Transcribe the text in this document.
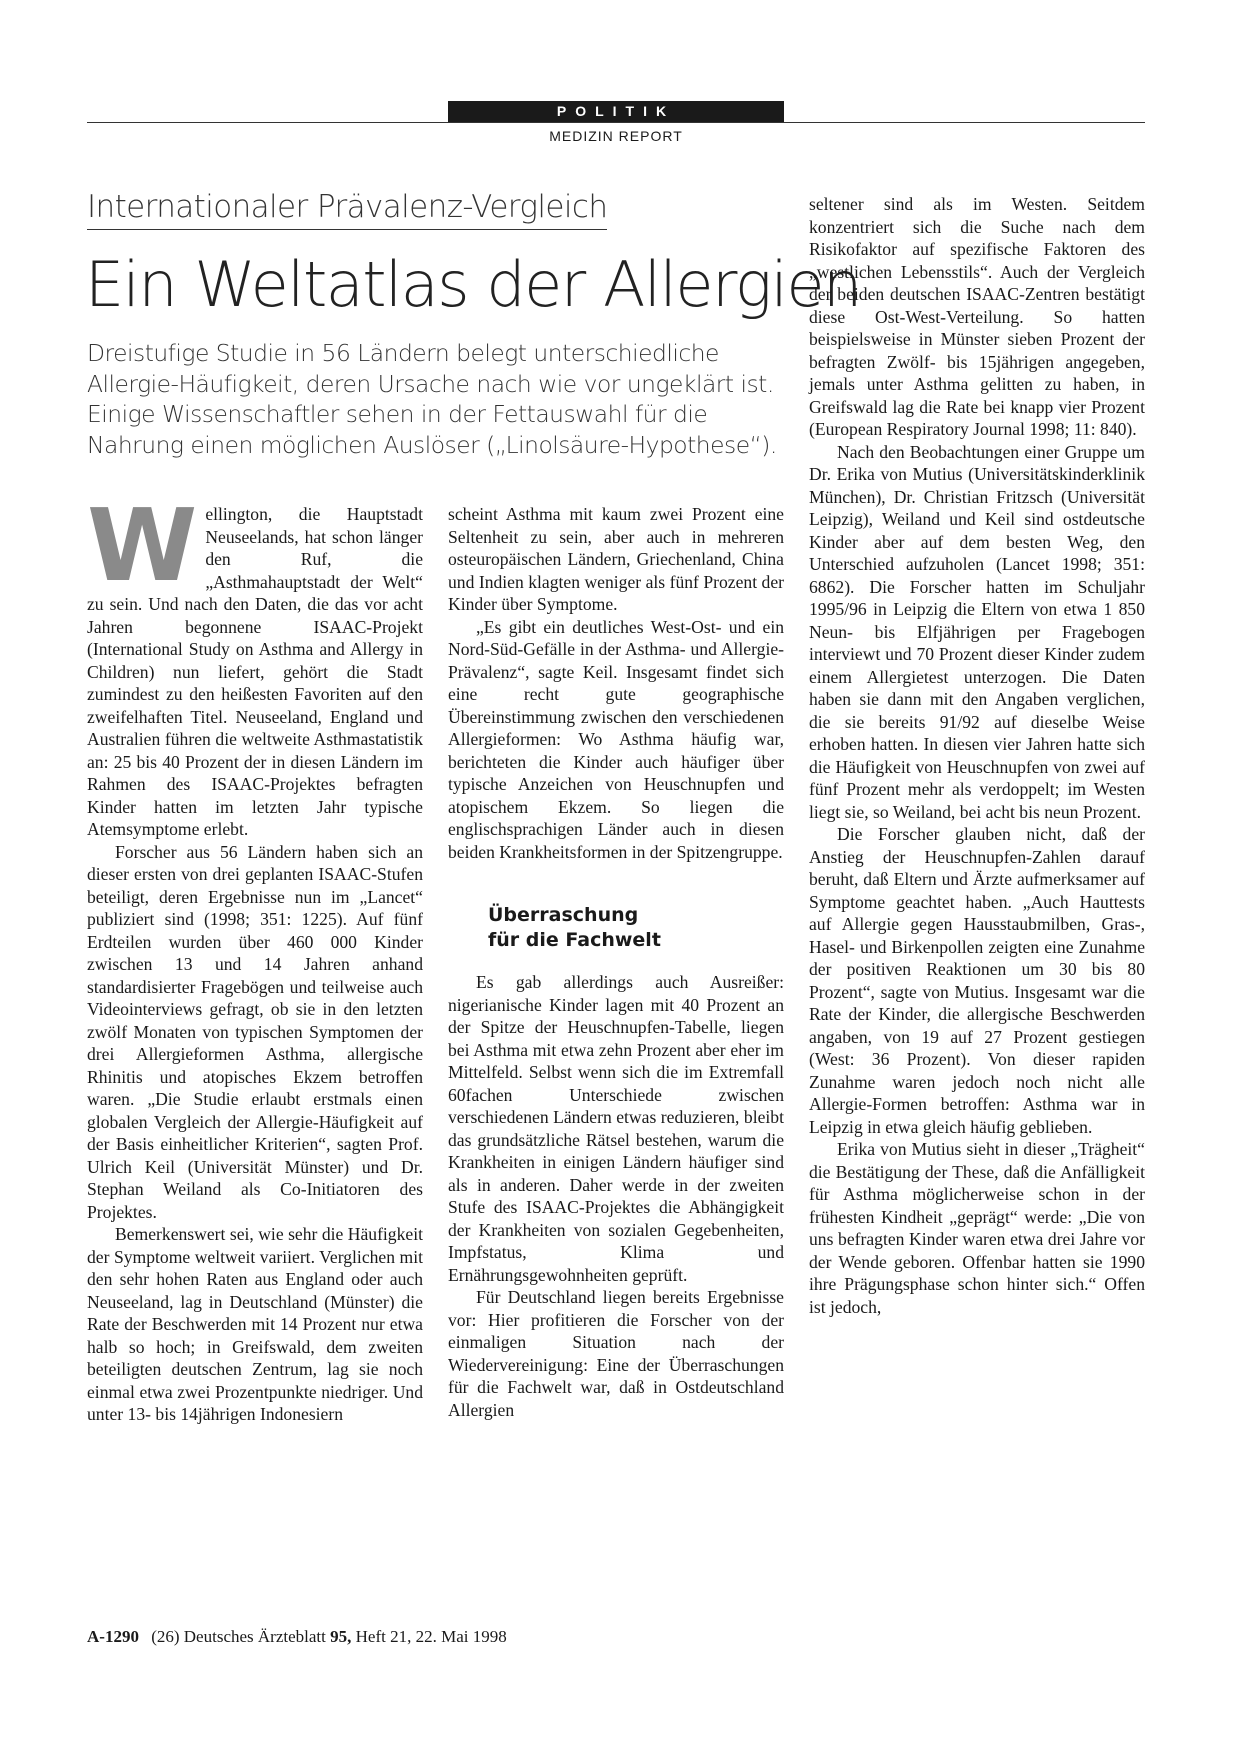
POLITIK
MEDIZIN REPORT
Internationaler Prävalenz-Vergleich
Ein Weltatlas der Allergien
Dreistufige Studie in 56 Ländern belegt unterschiedliche
Allergie-Häufigkeit, deren Ursache nach wie vor ungeklärt ist.
Einige Wissenschaftler sehen in der Fettauswahl für die
Nahrung einen möglichen Auslöser („Linolsäure-Hypothese“).

Wellington, die Hauptstadt Neuseelands, hat schon länger den Ruf, die „Asthmahauptstadt der Welt“ zu sein. Und nach den Daten, die das vor acht Jahren begonnene ISAAC-Projekt (International Study on Asthma and Allergy in Children) nun liefert, gehört die Stadt zumindest zu den heißesten Favoriten auf den zweifelhaften Titel. Neuseeland, England und Australien führen die weltweite Asthmastatistik an: 25 bis 40 Prozent der in diesen Ländern im Rahmen des ISAAC-Projektes befragten Kinder hatten im letzten Jahr typische Atemsymptome erlebt.

Forscher aus 56 Ländern haben sich an dieser ersten von drei geplanten ISAAC-Stufen beteiligt, deren Ergebnisse nun im „Lancet“ publiziert sind (1998; 351: 1225). Auf fünf Erdteilen wurden über 460 000 Kinder zwischen 13 und 14 Jahren anhand standardisierter Fragebögen und teilweise auch Videointerviews gefragt, ob sie in den letzten zwölf Monaten von typischen Symptomen der drei Allergieformen Asthma, allergische Rhinitis und atopisches Ekzem betroffen waren. „Die Studie erlaubt erstmals einen globalen Vergleich der Allergie-Häufigkeit auf der Basis einheitlicher Kriterien“, sagten Prof. Ulrich Keil (Universität Münster) und Dr. Stephan Weiland als Co-Initiatoren des Projektes.

Bemerkenswert sei, wie sehr die Häufigkeit der Symptome weltweit variiert. Verglichen mit den sehr hohen Raten aus England oder auch Neuseeland, lag in Deutschland (Münster) die Rate der Beschwerden mit 14 Prozent nur etwa halb so hoch; in Greifswald, dem zweiten beteiligten deutschen Zentrum, lag sie noch einmal etwa zwei Prozentpunkte niedriger. Und unter 13- bis 14jährigen Indonesiern

scheint Asthma mit kaum zwei Prozent eine Seltenheit zu sein, aber auch in mehreren osteuropäischen Ländern, Griechenland, China und Indien klagten weniger als fünf Prozent der Kinder über Symptome.

„Es gibt ein deutliches West-Ost- und ein Nord-Süd-Gefälle in der Asthma- und Allergie-Prävalenz“, sagte Keil. Insgesamt findet sich eine recht gute geographische Übereinstimmung zwischen den verschiedenen Allergieformen: Wo Asthma häufig war, berichteten die Kinder auch häufiger über typische Anzeichen von Heuschnupfen und atopischem Ekzem. So liegen die englischsprachigen Länder auch in diesen beiden Krankheitsformen in der Spitzengruppe.

Überraschung
für die Fachwelt

Es gab allerdings auch Ausreißer: nigerianische Kinder lagen mit 40 Prozent an der Spitze der Heuschnupfen-Tabelle, liegen bei Asthma mit etwa zehn Prozent aber eher im Mittelfeld. Selbst wenn sich die im Extremfall 60fachen Unterschiede zwischen verschiedenen Ländern etwas reduzieren, bleibt das grundsätzliche Rätsel bestehen, warum die Krankheiten in einigen Ländern häufiger sind als in anderen. Daher werde in der zweiten Stufe des ISAAC-Projektes die Abhängigkeit der Krankheiten von sozialen Gegebenheiten, Impfstatus, Klima und Ernährungsgewohnheiten geprüft.

Für Deutschland liegen bereits Ergebnisse vor: Hier profitieren die Forscher von der einmaligen Situation nach der Wiedervereinigung: Eine der Überraschungen für die Fachwelt war, daß in Ostdeutschland Allergien

seltener sind als im Westen. Seitdem konzentriert sich die Suche nach dem Risikofaktor auf spezifische Faktoren des „westlichen Lebensstils“. Auch der Vergleich der beiden deutschen ISAAC-Zentren bestätigt diese Ost-West-Verteilung. So hatten beispielsweise in Münster sieben Prozent der befragten Zwölf- bis 15jährigen angegeben, jemals unter Asthma gelitten zu haben, in Greifswald lag die Rate bei knapp vier Prozent (European Respiratory Journal 1998; 11: 840).

Nach den Beobachtungen einer Gruppe um Dr. Erika von Mutius (Universitätskinderklinik München), Dr. Christian Fritzsch (Universität Leipzig), Weiland und Keil sind ostdeutsche Kinder aber auf dem besten Weg, den Unterschied aufzuholen (Lancet 1998; 351: 6862). Die Forscher hatten im Schuljahr 1995/96 in Leipzig die Eltern von etwa 1 850 Neun- bis Elfjährigen per Fragebogen interviewt und 70 Prozent dieser Kinder zudem einem Allergietest unterzogen. Die Daten haben sie dann mit den Angaben verglichen, die sie bereits 91/92 auf dieselbe Weise erhoben hatten. In diesen vier Jahren hatte sich die Häufigkeit von Heuschnupfen von zwei auf fünf Prozent mehr als verdoppelt; im Westen liegt sie, so Weiland, bei acht bis neun Prozent.

Die Forscher glauben nicht, daß der Anstieg der Heuschnupfen-Zahlen darauf beruht, daß Eltern und Ärzte aufmerksamer auf Symptome geachtet haben. „Auch Hauttests auf Allergie gegen Hausstaubmilben, Gras-, Hasel- und Birkenpollen zeigten eine Zunahme der positiven Reaktionen um 30 bis 80 Prozent“, sagte von Mutius. Insgesamt war die Rate der Kinder, die allergische Beschwerden angaben, von 19 auf 27 Prozent gestiegen (West: 36 Prozent). Von dieser rapiden Zunahme waren jedoch noch nicht alle Allergie-Formen betroffen: Asthma war in Leipzig in etwa gleich häufig geblieben.

Erika von Mutius sieht in dieser „Trägheit“ die Bestätigung der These, daß die Anfälligkeit für Asthma möglicherweise schon in der frühesten Kindheit „geprägt“ werde: „Die von uns befragten Kinder waren etwa drei Jahre vor der Wende geboren. Offenbar hatten sie 1990 ihre Prägungsphase schon hinter sich.“ Offen ist jedoch,

A-1290 (26) Deutsches Ärzteblatt 95, Heft 21, 22. Mai 1998
